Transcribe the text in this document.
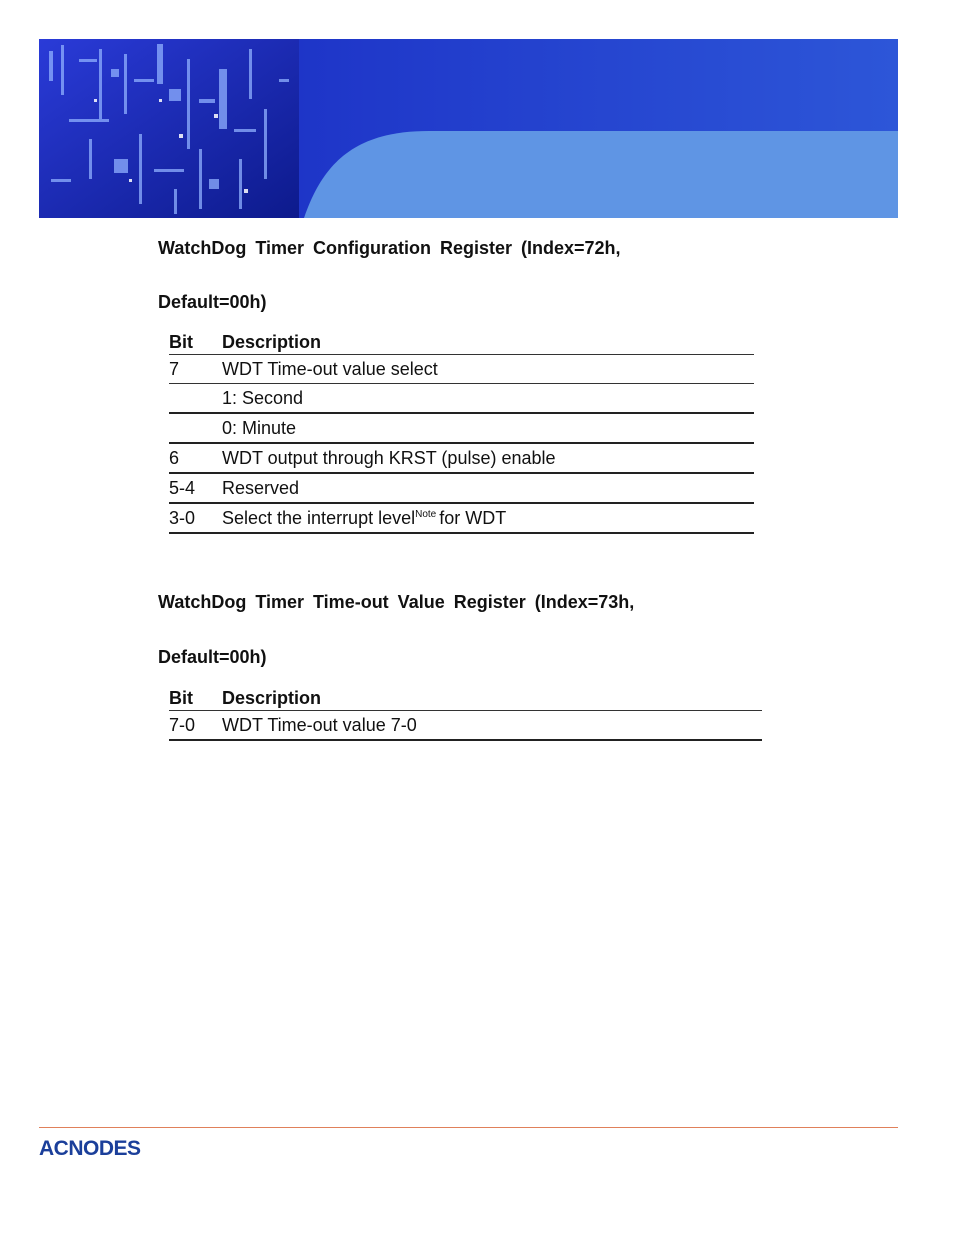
WatchDog Timer Configuration Register (Index=72h,

Default=00h)

Bit	Description
7	WDT Time-out value select
	1: Second
	0: Minute
6	WDT output through KRST (pulse) enable
5-4	Reserved
3-0	Select the interrupt level$^{Note}$ for WDT

WatchDog Timer Time-out Value Register (Index=73h,

Default=00h)

Bit	Description
7-0	WDT Time-out value 7-0
ACNODES
